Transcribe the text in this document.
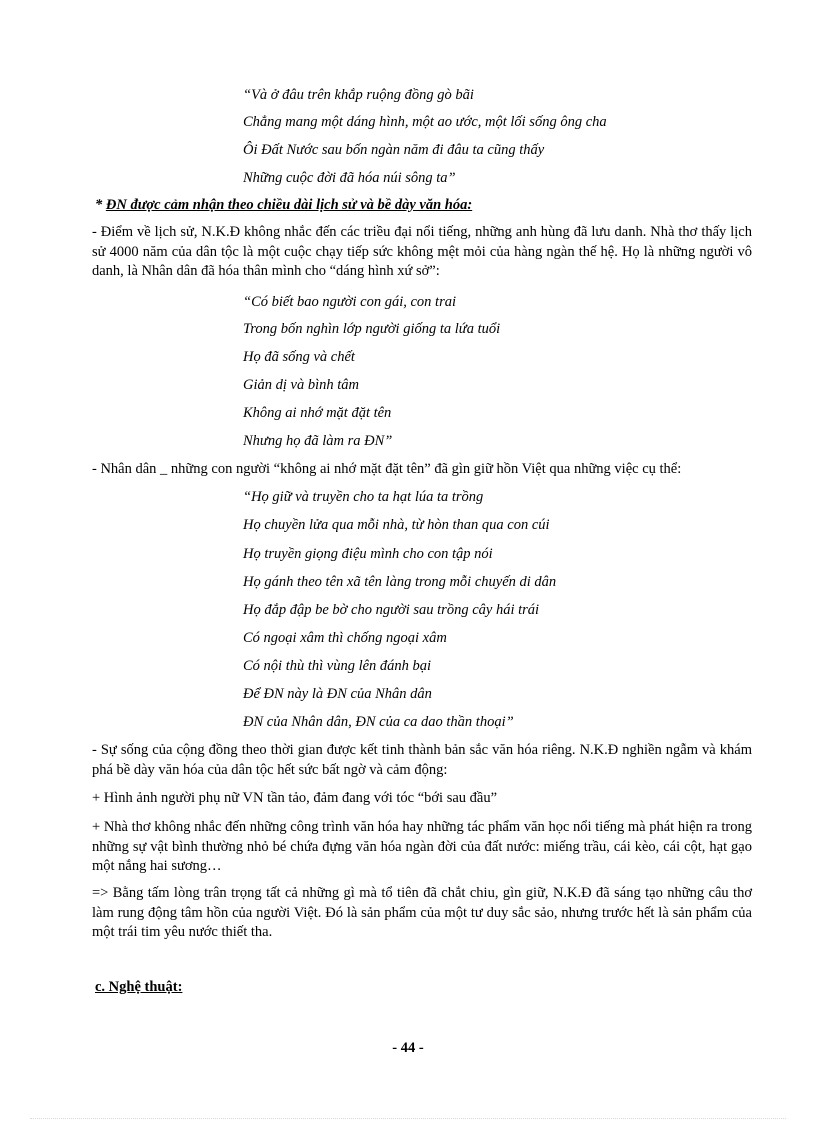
“Và ở đâu trên khắp ruộng đồng gò bãi
Chẳng mang một dáng hình, một ao ước, một lối sống ông cha
Ôi Đất Nước sau bốn ngàn năm đi đâu ta cũng thấy
Những cuộc đời đã hóa núi sông ta”
* ĐN được cảm nhận theo chiều dài lịch sử và bề dày văn hóa:
- Điểm về lịch sử, N.K.Đ không nhắc đến các triều đại nổi tiếng, những anh hùng đã lưu danh. Nhà thơ thấy lịch sử 4000 năm của dân tộc là một cuộc chạy tiếp sức không mệt mỏi của hàng ngàn thế hệ. Họ là những người vô danh, là Nhân dân đã hóa thân mình cho “dáng hình xứ sở”:
“Có biết bao người con gái, con trai
Trong bốn nghìn lớp người giống ta lứa tuổi
Họ đã sống và chết
Giản dị và bình tâm
Không ai nhớ mặt đặt tên
Nhưng họ đã làm ra ĐN”
- Nhân dân _ những con người “không ai nhớ mặt đặt tên” đã gìn giữ hồn Việt qua những việc cụ thể:
“Họ giữ và truyền cho ta hạt lúa ta trồng
Họ chuyền lửa qua mỗi nhà, từ hòn than qua con cúi
Họ truyền giọng điệu mình cho con tập nói
Họ gánh theo tên xã tên làng trong mỗi chuyến di dân
Họ đắp đập be bờ cho người sau trồng cây hái trái
Có ngoại xâm thì chống ngoại xâm
Có nội thù thì vùng lên đánh bại
Để ĐN này là ĐN của Nhân dân
ĐN của Nhân dân, ĐN của ca dao thần thoại”
- Sự sống của cộng đồng theo thời gian được kết tinh thành bản sắc văn hóa riêng. N.K.Đ nghiền ngẫm và khám phá bề dày văn hóa của dân tộc hết sức bất ngờ và cảm động:
+ Hình ảnh người phụ nữ VN tần tảo, đảm đang với tóc “bới sau đầu”
+ Nhà thơ không nhắc đến những công trình văn hóa hay những tác phẩm văn học nổi tiếng mà phát hiện ra trong những sự vật bình thường nhỏ bé chứa đựng văn hóa ngàn đời của đất nước: miếng trầu, cái kèo, cái cột, hạt gạo một nắng hai sương…
=> Bằng tấm lòng trân trọng tất cả những gì mà tổ tiên đã chắt chiu, gìn giữ, N.K.Đ đã sáng tạo những câu thơ làm rung động tâm hồn của người Việt. Đó là sản phẩm của một tư duy sắc sảo, nhưng trước hết là sản phẩm của một trái tim yêu nước thiết tha.
c. Nghệ thuật:
- 44 -
